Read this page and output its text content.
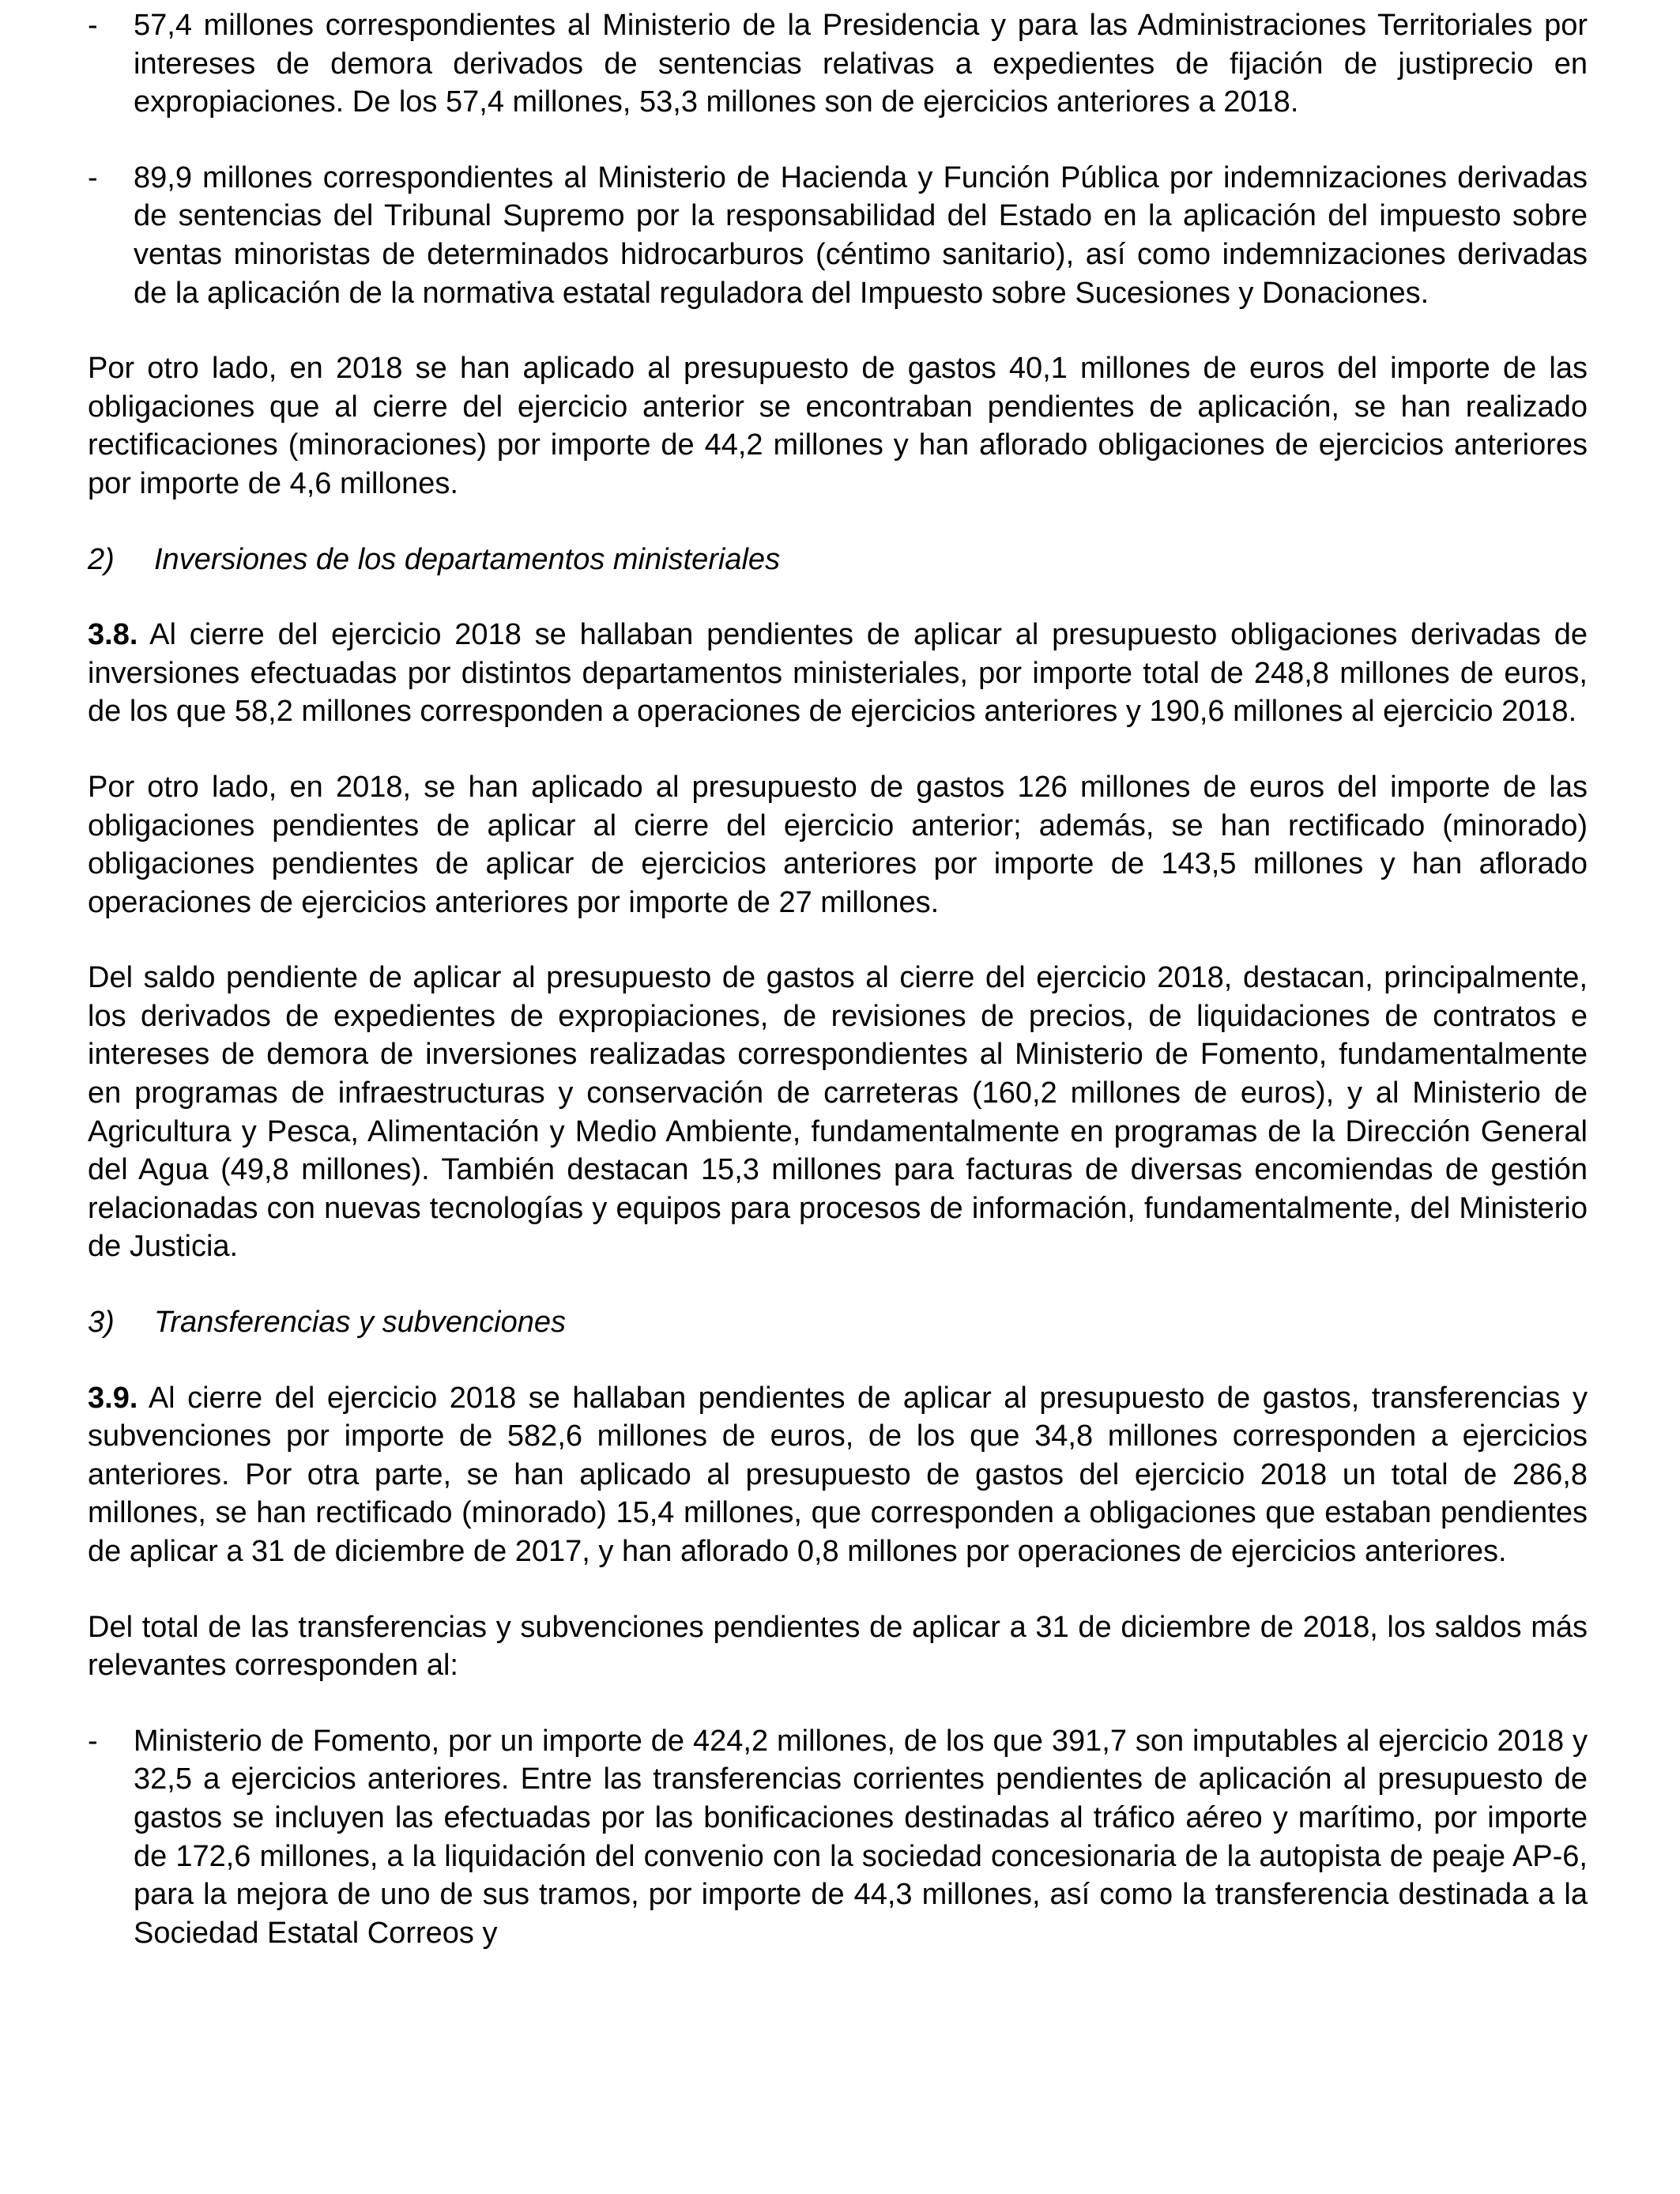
- 57,4 millones correspondientes al Ministerio de la Presidencia y para las Administraciones Territoriales por intereses de demora derivados de sentencias relativas a expedientes de fijación de justiprecio en expropiaciones. De los 57,4 millones, 53,3 millones son de ejercicios anteriores a 2018.
- 89,9 millones correspondientes al Ministerio de Hacienda y Función Pública por indemnizaciones derivadas de sentencias del Tribunal Supremo por la responsabilidad del Estado en la aplicación del impuesto sobre ventas minoristas de determinados hidrocarburos (céntimo sanitario), así como indemnizaciones derivadas de la aplicación de la normativa estatal reguladora del Impuesto sobre Sucesiones y Donaciones.

Por otro lado, en 2018 se han aplicado al presupuesto de gastos 40,1 millones de euros del importe de las obligaciones que al cierre del ejercicio anterior se encontraban pendientes de aplicación, se han realizado rectificaciones (minoraciones) por importe de 44,2 millones y han aflorado obligaciones de ejercicios anteriores por importe de 4,6 millones.

2)	Inversiones de los departamentos ministeriales

3.8. Al cierre del ejercicio 2018 se hallaban pendientes de aplicar al presupuesto obligaciones derivadas de inversiones efectuadas por distintos departamentos ministeriales, por importe total de 248,8 millones de euros, de los que 58,2 millones corresponden a operaciones de ejercicios anteriores y 190,6 millones al ejercicio 2018.

Por otro lado, en 2018, se han aplicado al presupuesto de gastos 126 millones de euros del importe de las obligaciones pendientes de aplicar al cierre del ejercicio anterior; además, se han rectificado (minorado) obligaciones pendientes de aplicar de ejercicios anteriores por importe de 143,5 millones y han aflorado operaciones de ejercicios anteriores por importe de 27 millones.

Del saldo pendiente de aplicar al presupuesto de gastos al cierre del ejercicio 2018, destacan, principalmente, los derivados de expedientes de expropiaciones, de revisiones de precios, de liquidaciones de contratos e intereses de demora de inversiones realizadas correspondientes al Ministerio de Fomento, fundamentalmente en programas de infraestructuras y conservación de carreteras (160,2 millones de euros), y al Ministerio de Agricultura y Pesca, Alimentación y Medio Ambiente, fundamentalmente en programas de la Dirección General del Agua (49,8 millones). También destacan 15,3 millones para facturas de diversas encomiendas de gestión relacionadas con nuevas tecnologías y equipos para procesos de información, fundamentalmente, del Ministerio de Justicia.

3)	Transferencias y subvenciones

3.9. Al cierre del ejercicio 2018 se hallaban pendientes de aplicar al presupuesto de gastos, transferencias y subvenciones por importe de 582,6 millones de euros, de los que 34,8 millones corresponden a ejercicios anteriores. Por otra parte, se han aplicado al presupuesto de gastos del ejercicio 2018 un total de 286,8 millones, se han rectificado (minorado) 15,4 millones, que corresponden a obligaciones que estaban pendientes de aplicar a 31 de diciembre de 2017, y han aflorado 0,8 millones por operaciones de ejercicios anteriores.

Del total de las transferencias y subvenciones pendientes de aplicar a 31 de diciembre de 2018, los saldos más relevantes corresponden al:

- Ministerio de Fomento, por un importe de 424,2 millones, de los que 391,7 son imputables al ejercicio 2018 y 32,5 a ejercicios anteriores. Entre las transferencias corrientes pendientes de aplicación al presupuesto de gastos se incluyen las efectuadas por las bonificaciones destinadas al tráfico aéreo y marítimo, por importe de 172,6 millones, a la liquidación del convenio con la sociedad concesionaria de la autopista de peaje AP-6, para la mejora de uno de sus tramos, por importe de 44,3 millones, así como la transferencia destinada a la Sociedad Estatal Correos y
